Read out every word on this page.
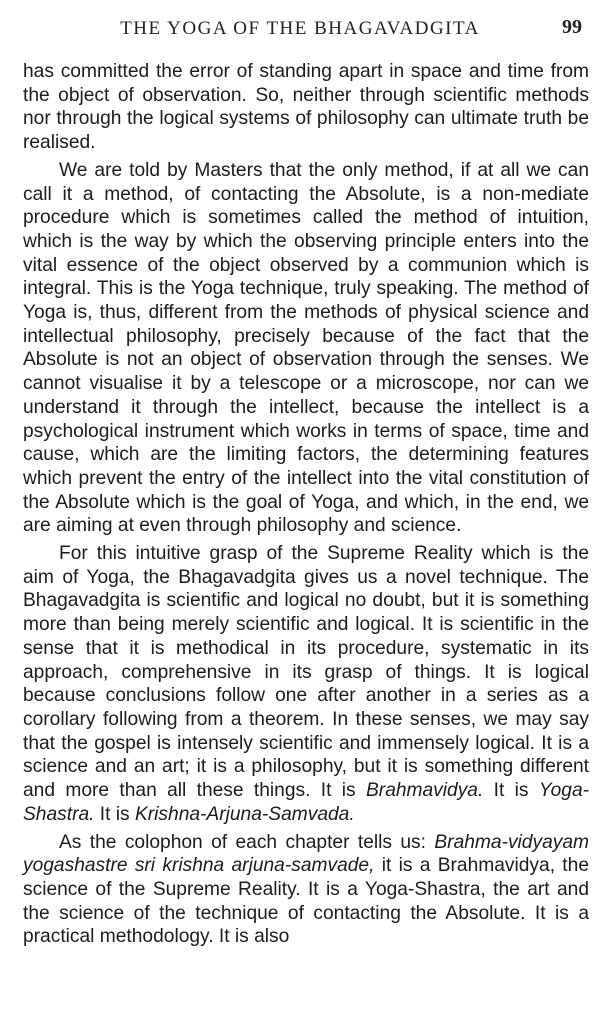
THE YOGA OF THE BHAGAVADGITA	99

has committed the error of standing apart in space and time from the object of observation. So, neither through scientific methods nor through the logical systems of philosophy can ultimate truth be realised.

We are told by Masters that the only method, if at all we can call it a method, of contacting the Absolute, is a non-mediate procedure which is sometimes called the method of intuition, which is the way by which the observing principle enters into the vital essence of the object observed by a communion which is integral. This is the Yoga technique, truly speaking. The method of Yoga is, thus, different from the methods of physical science and intellectual philosophy, precisely because of the fact that the Absolute is not an object of observation through the senses. We cannot visualise it by a telescope or a microscope, nor can we understand it through the intellect, because the intellect is a psychological instrument which works in terms of space, time and cause, which are the limiting factors, the determining features which prevent the entry of the intellect into the vital constitution of the Absolute which is the goal of Yoga, and which, in the end, we are aiming at even through philosophy and science.

For this intuitive grasp of the Supreme Reality which is the aim of Yoga, the Bhagavadgita gives us a novel technique. The Bhagavadgita is scientific and logical no doubt, but it is something more than being merely scientific and logical. It is scientific in the sense that it is methodical in its procedure, systematic in its approach, comprehensive in its grasp of things. It is logical because conclusions follow one after another in a series as a corollary following from a theorem. In these senses, we may say that the gospel is intensely scientific and immensely logical. It is a science and an art; it is a philosophy, but it is something different and more than all these things. It is Brahmavidya. It is Yoga-Shastra. It is Krishna-Arjuna-Samvada.

As the colophon of each chapter tells us: Brahma-vidyayam yogashastre sri krishna arjuna-samvade, it is a Brahmavidya, the science of the Supreme Reality. It is a Yoga-Shastra, the art and the science of the technique of contacting the Absolute. It is a practical methodology. It is also
